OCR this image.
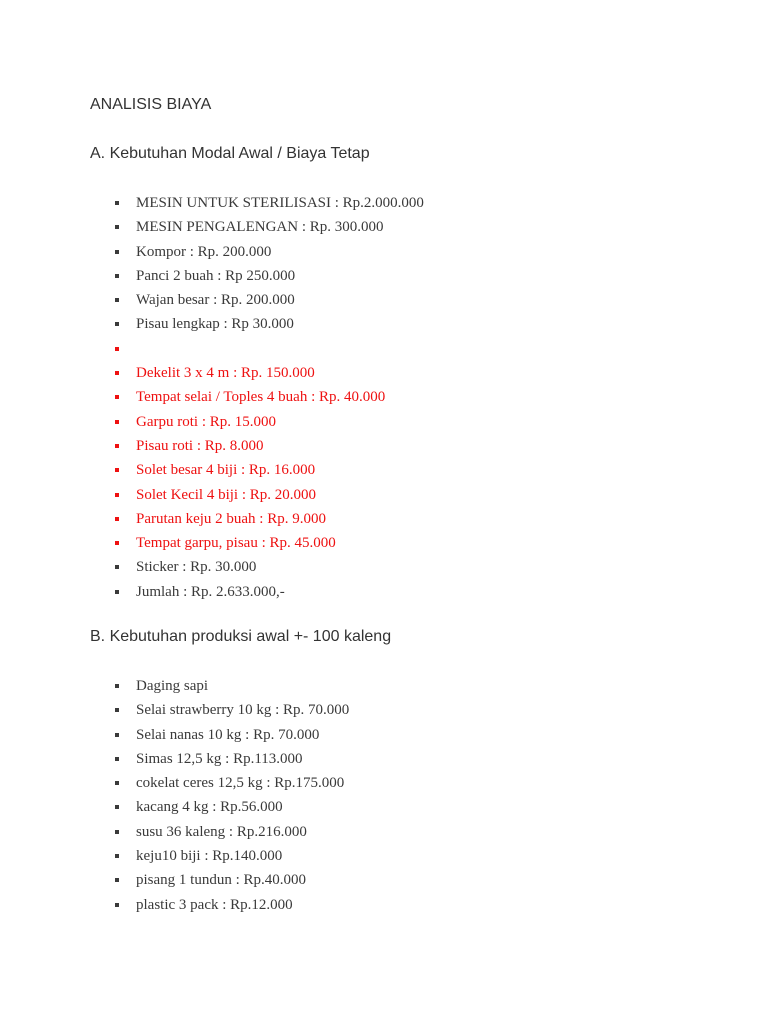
ANALISIS BIAYA
A. Kebutuhan Modal Awal / Biaya Tetap
MESIN UNTUK STERILISASI : Rp.2.000.000
MESIN PENGALENGAN : Rp. 300.000
Kompor : Rp. 200.000
Panci 2 buah : Rp 250.000
Wajan besar : Rp. 200.000
Pisau lengkap : Rp 30.000
Dekelit 3 x 4 m : Rp. 150.000
Tempat selai / Toples 4 buah : Rp. 40.000
Garpu roti : Rp. 15.000
Pisau roti : Rp. 8.000
Solet besar 4 biji : Rp. 16.000
Solet Kecil 4 biji : Rp. 20.000
Parutan keju 2 buah : Rp. 9.000
Tempat garpu, pisau : Rp. 45.000
Sticker : Rp. 30.000
Jumlah : Rp. 2.633.000,-
B. Kebutuhan produksi awal +- 100 kaleng
Daging sapi
Selai strawberry 10 kg : Rp. 70.000
Selai nanas 10 kg : Rp. 70.000
Simas 12,5 kg : Rp.113.000
cokelat ceres 12,5 kg : Rp.175.000
kacang 4 kg : Rp.56.000
susu 36 kaleng : Rp.216.000
keju10 biji : Rp.140.000
pisang 1 tundun : Rp.40.000
plastic 3 pack : Rp.12.000
